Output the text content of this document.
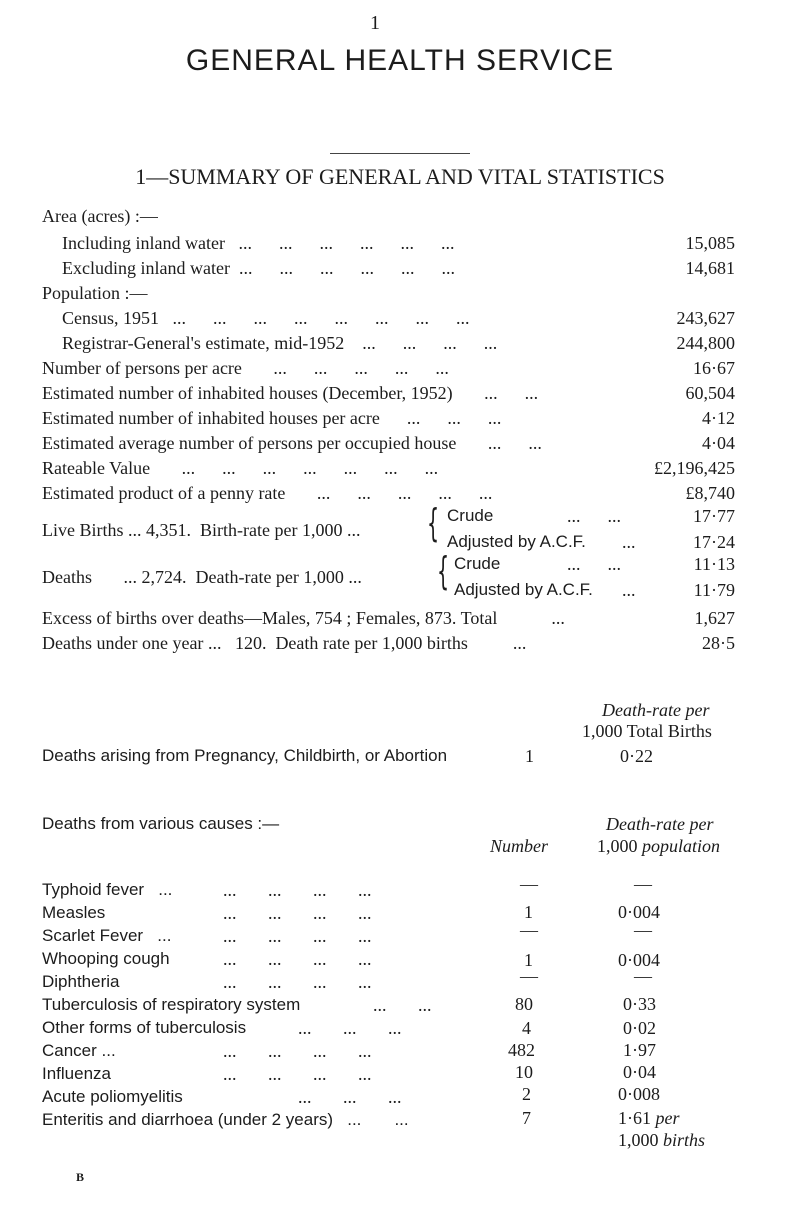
1
GENERAL HEALTH SERVICE
1—SUMMARY OF GENERAL AND VITAL STATISTICS
Area (acres) :—
Including inland water   ...      ...      ...      ...      ...      ...	15,085
Excluding inland water  ...      ...      ...      ...      ...      ...	14,681
Population :—
Census, 1951   ...      ...      ...      ...      ...      ...      ...      ...	243,627
Registrar-General's estimate, mid-1952    ...      ...      ...      ...	244,800
Number of persons per acre       ...      ...      ...      ...      ...	16·67
Estimated number of inhabited houses (December, 1952)       ...      ...	60,504
Estimated number of inhabited houses per acre      ...      ...      ...	4·12
Estimated average number of persons per occupied house       ...      ...	4·04
Rateable Value       ...      ...      ...      ...      ...      ...      ...	£2,196,425
Estimated product of a penny rate       ...      ...      ...      ...      ...	£8,740
Live Births ... 4,351. Birth-rate per 1,000 ... { Crude	...      ...	17·77
Adjusted by A.C.F. ...	17·24
Deaths       ... 2,724. Death-rate per 1,000 ... { Crude	...      ...	11·13
Adjusted by A.C.F. ...	11·79
Excess of births over deaths—Males, 754 ; Females, 873. Total            ...	1,627
Deaths under one year ...   120. Death rate per 1,000 births          ...	28·5
Death-rate per
1,000 Total Births
Deaths arising from Pregnancy, Childbirth, or Abortion	1	0·22
Deaths from various causes :—
Number
Death-rate per
1,000 population
Typhoid fever   ...	...       ...       ...       ...	—	—
Measles	...       ...       ...       ...	1	0·004
Scarlet Fever   ...	...       ...       ...       ...	—	—
Whooping cough	...       ...       ...       ...	1	0·004
Diphtheria	...       ...       ...       ...	—	—
Tuberculosis of respiratory system	...       ...	80	0·33
Other forms of tuberculosis	...       ...       ...	4	0·02
Cancer ...	...       ...       ...       ...	482	1·97
Influenza	...       ...       ...       ...	10	0·04
Acute poliomyelitis	...       ...       ...	2	0·008
Enteritis and diarrhoea (under 2 years)   ...       ...	7	1·61 per
1,000 births
B
